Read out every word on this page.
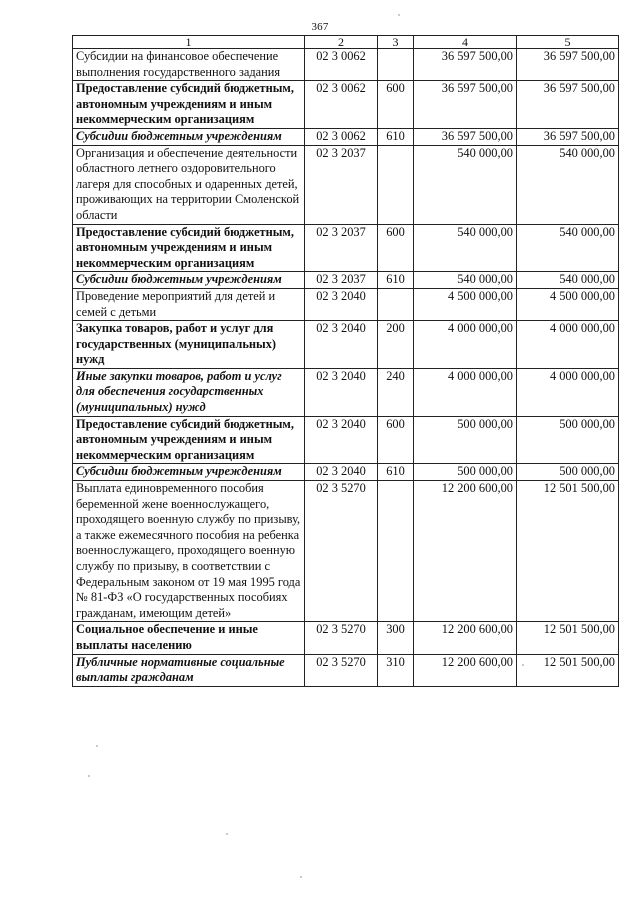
367
1	2	3	4	5
Субсидии на финансовое обеспечение выполнения государственного задания	02 3 0062		36 597 500,00	36 597 500,00
Предоставление субсидий бюджетным, автономным учреждениям и иным некоммерческим организациям	02 3 0062	600	36 597 500,00	36 597 500,00
Субсидии бюджетным учреждениям	02 3 0062	610	36 597 500,00	36 597 500,00
Организация и обеспечение деятельности областного летнего оздоровительного лагеря для способных и одаренных детей, проживающих на территории Смоленской области	02 3 2037		540 000,00	540 000,00
Предоставление субсидий бюджетным, автономным учреждениям и иным некоммерческим организациям	02 3 2037	600	540 000,00	540 000,00
Субсидии бюджетным учреждениям	02 3 2037	610	540 000,00	540 000,00
Проведение мероприятий для детей и семей с детьми	02 3 2040		4 500 000,00	4 500 000,00
Закупка товаров, работ и услуг для государственных (муниципальных) нужд	02 3 2040	200	4 000 000,00	4 000 000,00
Иные закупки товаров, работ и услуг для обеспечения государственных (муниципальных) нужд	02 3 2040	240	4 000 000,00	4 000 000,00
Предоставление субсидий бюджетным, автономным учреждениям и иным некоммерческим организациям	02 3 2040	600	500 000,00	500 000,00
Субсидии бюджетным учреждениям	02 3 2040	610	500 000,00	500 000,00
Выплата единовременного пособия беременной жене военнослужащего, проходящего военную службу по призыву, а также ежемесячного пособия на ребенка военнослужащего, проходящего военную службу по призыву, в соответствии с Федеральным законом от 19 мая 1995 года № 81-ФЗ «О государственных пособиях гражданам, имеющим детей»	02 3 5270		12 200 600,00	12 501 500,00
Социальное обеспечение и иные выплаты населению	02 3 5270	300	12 200 600,00	12 501 500,00
Публичные нормативные социальные выплаты гражданам	02 3 5270	310	12 200 600,00	12 501 500,00
